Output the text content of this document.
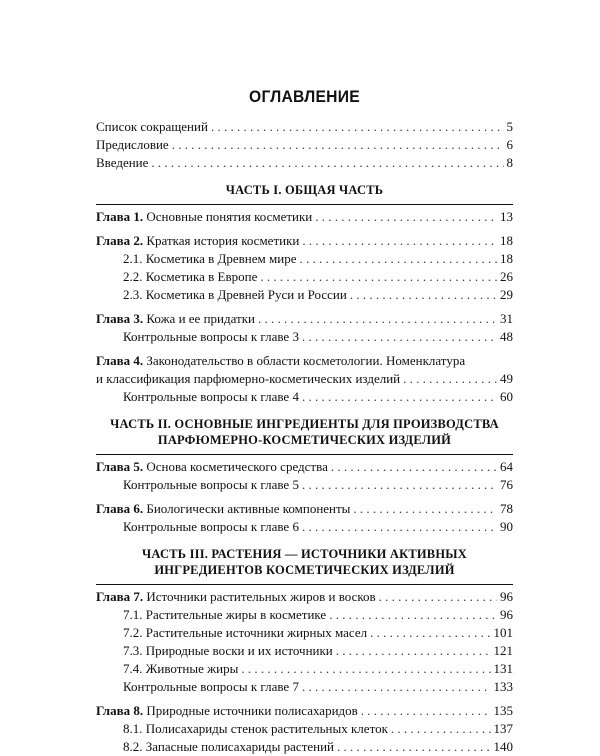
ОГЛАВЛЕНИЕ
Список сокращений . . .	5
Предисловие . . .	6
Введение . . .	8

ЧАСТЬ I. ОБЩАЯ ЧАСТЬ

Глава 1. Основные понятия косметики . . .	13
Глава 2. Краткая история косметики . . .	18
2.1. Косметика в Древнем мире . . .	18
2.2. Косметика в Европе . . .	26
2.3. Косметика в Древней Руси и России . . .	29
Глава 3. Кожа и ее придатки . . .	31
Контрольные вопросы к главе 3 . . .	48
Глава 4. Законодательство в области косметологии. Номенклатура
и классификация парфюмерно-косметических изделий . . .	49
Контрольные вопросы к главе 4 . . .	60

ЧАСТЬ II. ОСНОВНЫЕ ИНГРЕДИЕНТЫ ДЛЯ ПРОИЗВОДСТВА

ПАРФЮМЕРНО-КОСМЕТИЧЕСКИХ ИЗДЕЛИЙ

Глава 5. Основа косметического средства . . .	64
Контрольные вопросы к главе 5 . . .	76
Глава 6. Биологически активные компоненты . . .	78
Контрольные вопросы к главе 6 . . .	90

ЧАСТЬ III. РАСТЕНИЯ — ИСТОЧНИКИ АКТИВНЫХ

ИНГРЕДИЕНТОВ КОСМЕТИЧЕСКИХ ИЗДЕЛИЙ

Глава 7. Источники растительных жиров и восков . . .	96
7.1. Растительные жиры в косметике . . .	96
7.2. Растительные источники жирных масел . . .	101
7.3. Природные воски и их источники . . .	121
7.4. Животные жиры . . .	131
Контрольные вопросы к главе 7 . . .	133
Глава 8. Природные источники полисахаридов . . .	135
8.1. Полисахариды стенок растительных клеток . . .	137
8.2. Запасные полисахариды растений . . .	140
